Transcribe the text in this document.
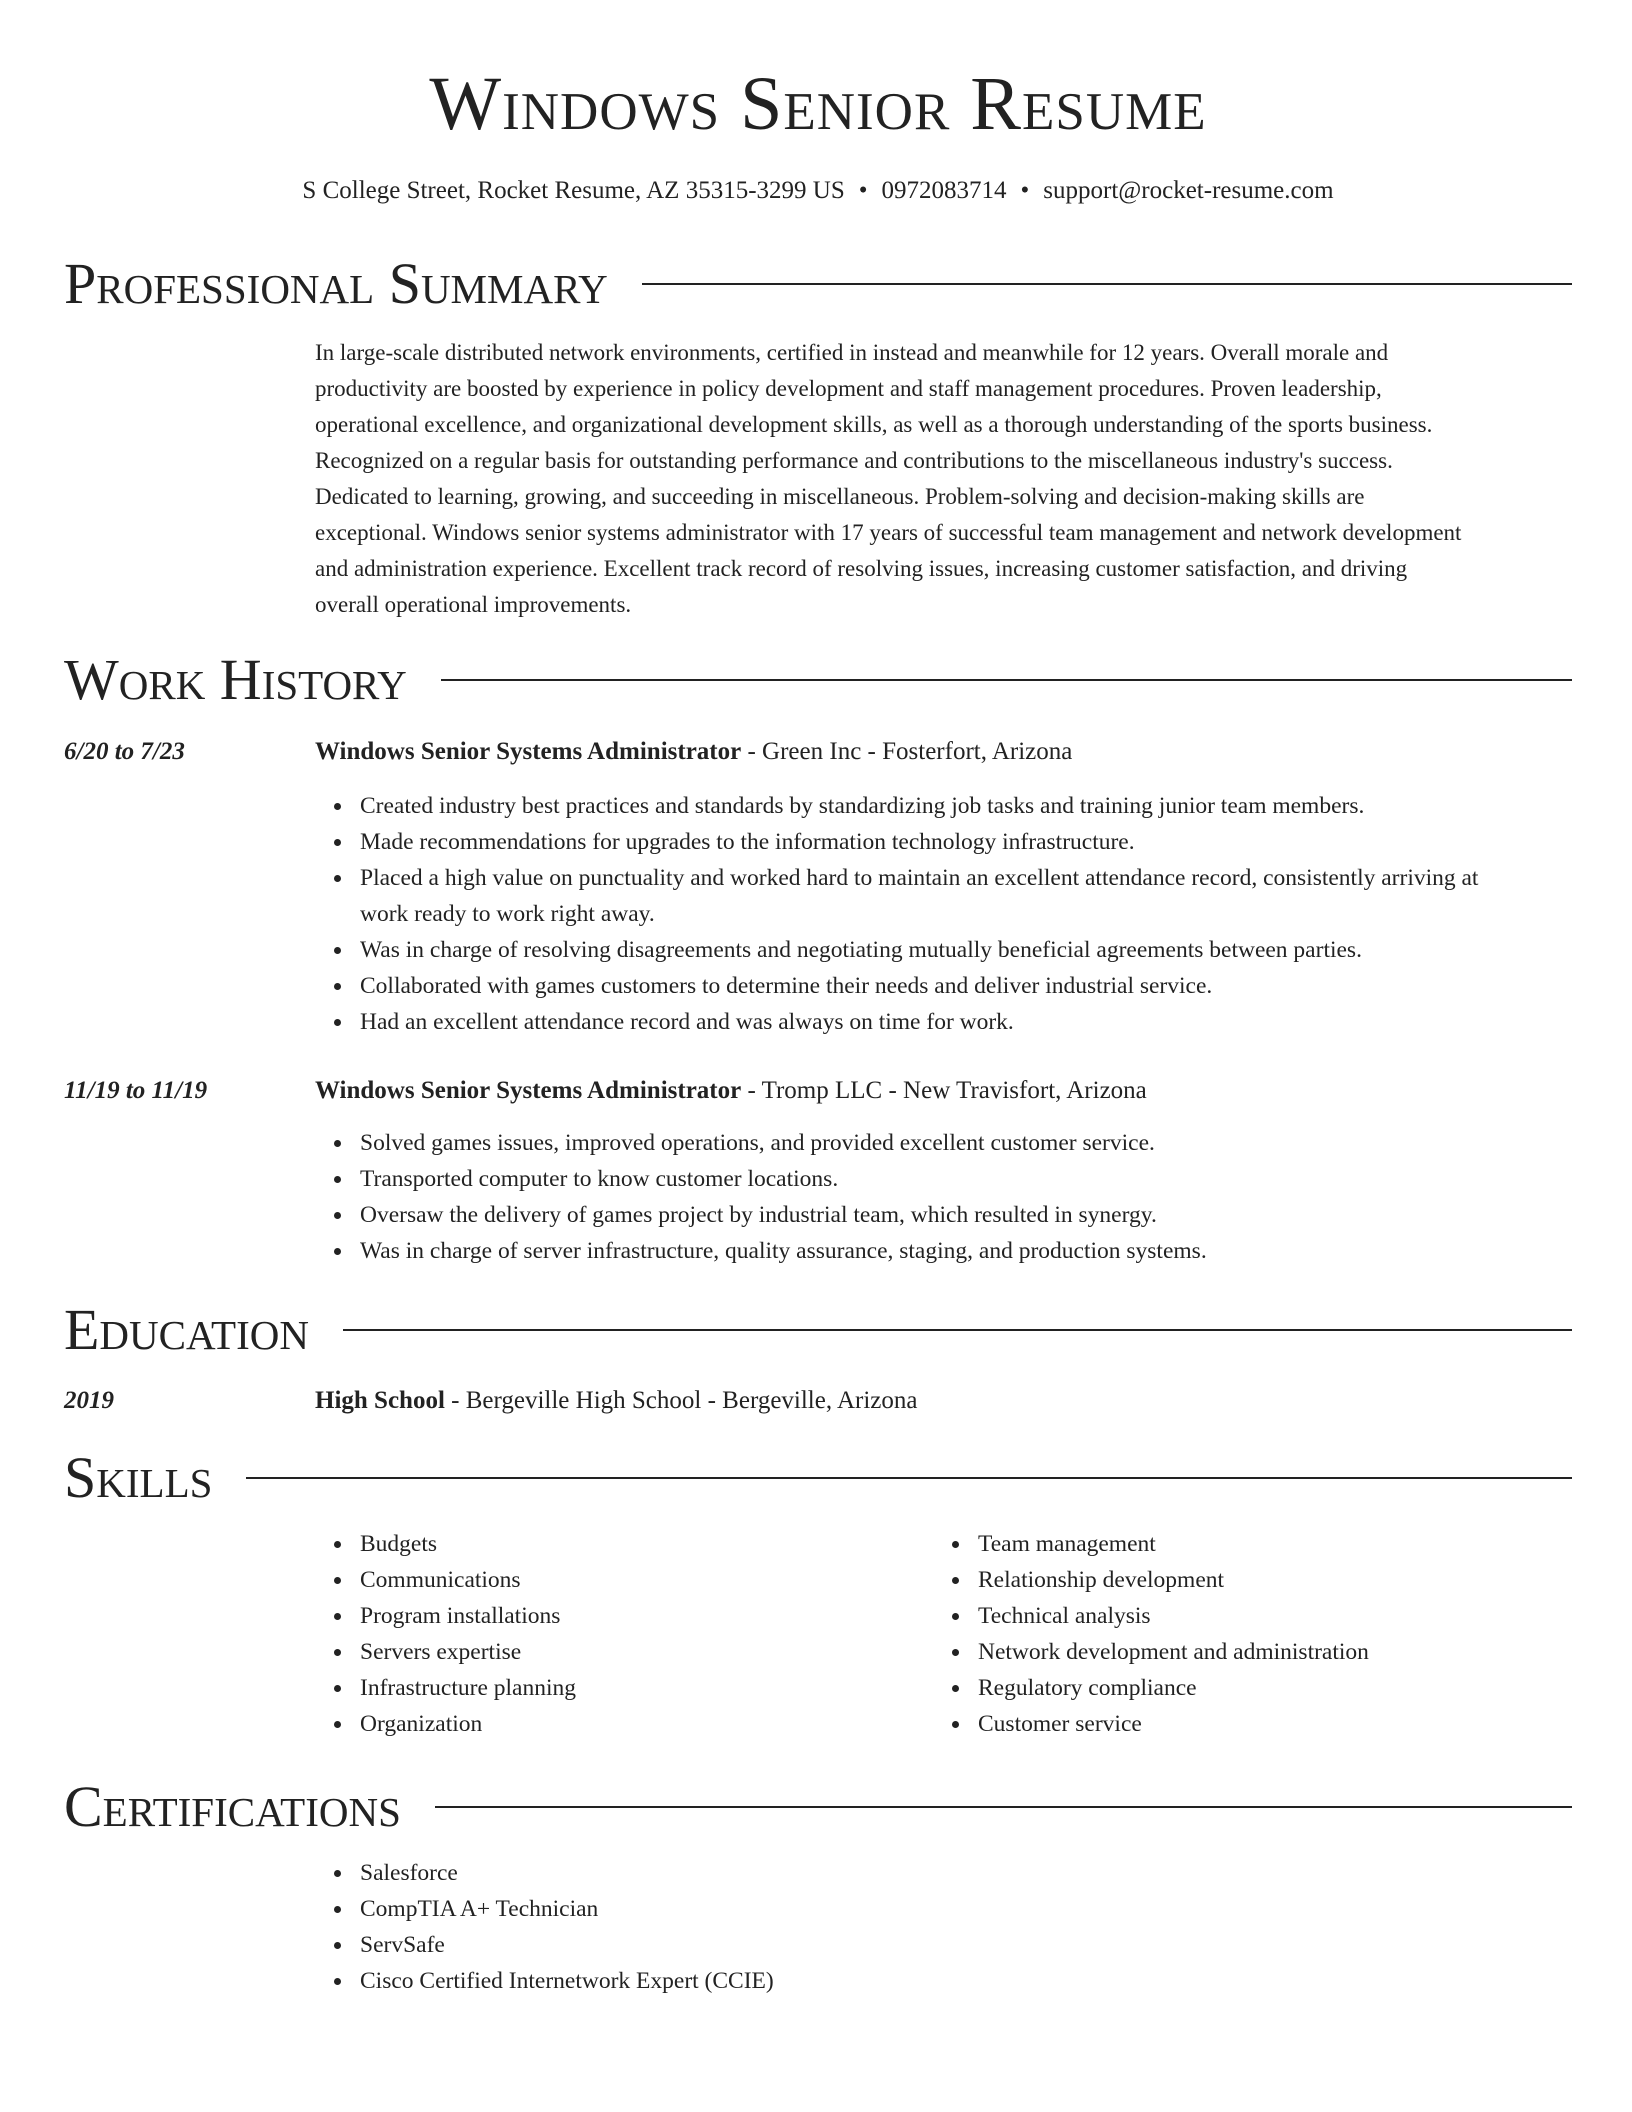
Windows Senior Resume
S College Street, Rocket Resume, AZ 35315-3299 US • 0972083714 • support@rocket-resume.com
Professional Summary
In large-scale distributed network environments, certified in instead and meanwhile for 12 years. Overall morale and
productivity are boosted by experience in policy development and staff management procedures. Proven leadership,
operational excellence, and organizational development skills, as well as a thorough understanding of the sports business.
Recognized on a regular basis for outstanding performance and contributions to the miscellaneous industry's success.
Dedicated to learning, growing, and succeeding in miscellaneous. Problem-solving and decision-making skills are
exceptional. Windows senior systems administrator with 17 years of successful team management and network development
and administration experience. Excellent track record of resolving issues, increasing customer satisfaction, and driving
overall operational improvements.
Work History
6/20 to 7/23	Windows Senior Systems Administrator - Green Inc - Fosterfort, Arizona
Created industry best practices and standards by standardizing job tasks and training junior team members.
Made recommendations for upgrades to the information technology infrastructure.
Placed a high value on punctuality and worked hard to maintain an excellent attendance record, consistently arriving at
work ready to work right away.
Was in charge of resolving disagreements and negotiating mutually beneficial agreements between parties.
Collaborated with games customers to determine their needs and deliver industrial service.
Had an excellent attendance record and was always on time for work.
11/19 to 11/19	Windows Senior Systems Administrator - Tromp LLC - New Travisfort, Arizona
Solved games issues, improved operations, and provided excellent customer service.
Transported computer to know customer locations.
Oversaw the delivery of games project by industrial team, which resulted in synergy.
Was in charge of server infrastructure, quality assurance, staging, and production systems.
Education
2019	High School - Bergeville High School - Bergeville, Arizona
Skills
Budgets
Communications
Program installations
Servers expertise
Infrastructure planning
Organization
Team management
Relationship development
Technical analysis
Network development and administration
Regulatory compliance
Customer service
Certifications
Salesforce
CompTIA A+ Technician
ServSafe
Cisco Certified Internetwork Expert (CCIE)
